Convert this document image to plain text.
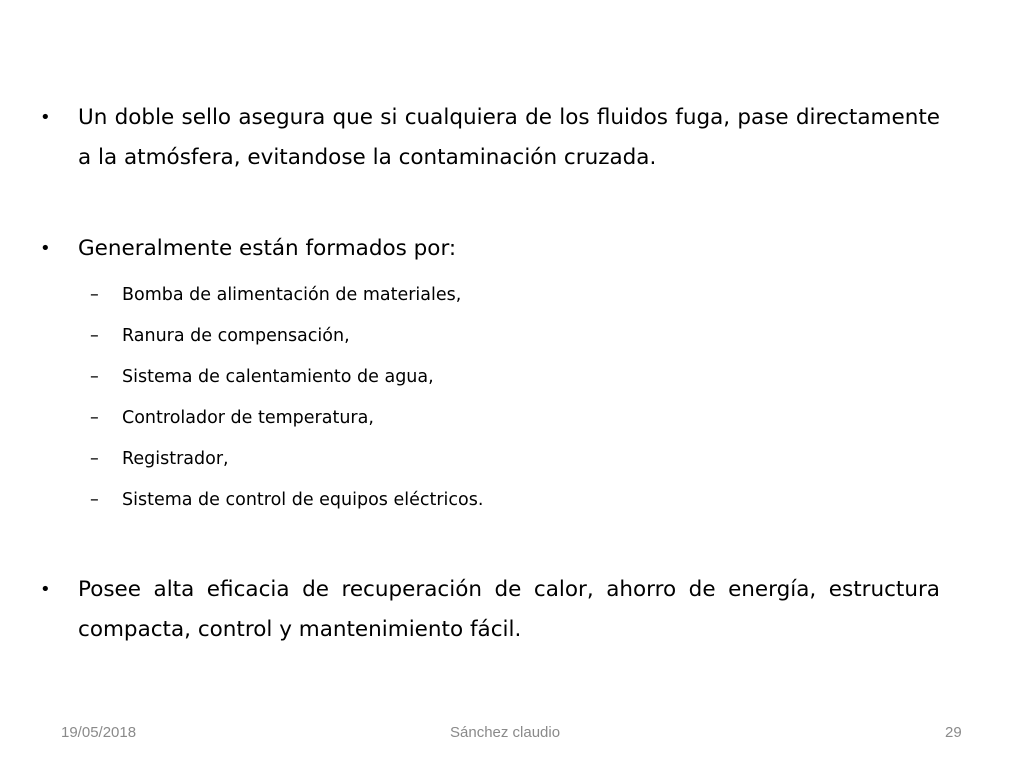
•	Un doble sello asegura que si cualquiera de los fluidos fuga, pase directamente a la atmósfera, evitandose la contaminación cruzada.
•	Generalmente están formados por:
– Bomba de alimentación de materiales,
– Ranura de compensación,
– Sistema de calentamiento de agua,
– Controlador de temperatura,
– Registrador,
– Sistema de control de equipos eléctricos.
•	Posee alta eficacia de recuperación de calor, ahorro de energía, estructura compacta, control y mantenimiento fácil.
19/05/2018	Sánchez claudio	29
